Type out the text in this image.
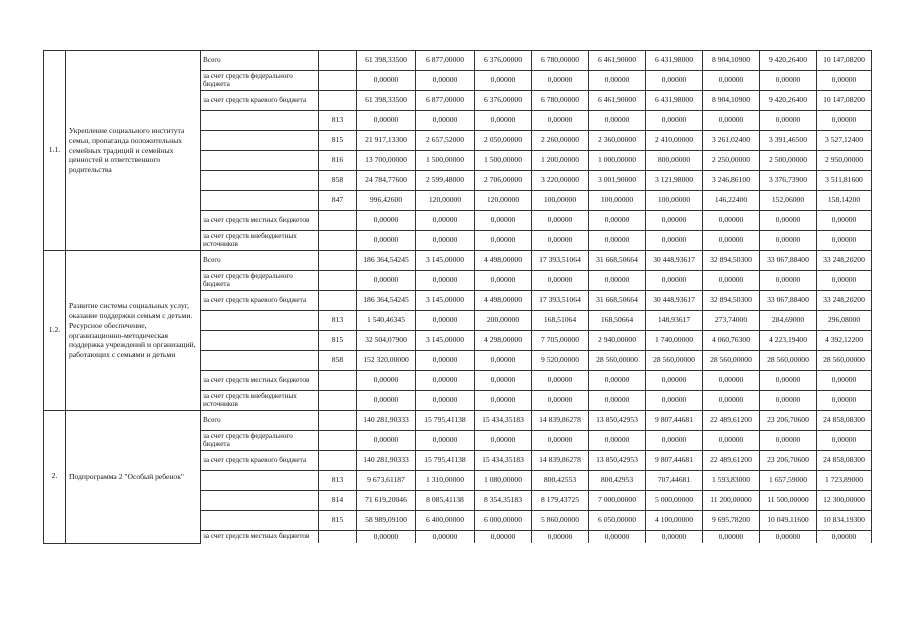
1.1.	Укрепление социального института семьи, пропаганда положительных семейных традиций и семейных ценностей и ответственного родительства	Всего		61 398,33500	6 877,00000	6 376,00000	6 780,00000	6 461,90000	6 431,98000	8 904,10900	9 420,26400	10 147,08200
		за счет средств федерального бюджета		0,00000	0,00000	0,00000	0,00000	0,00000	0,00000	0,00000	0,00000	0,00000
		за счет средств краевого бюджета		61 398,33500	6 877,00000	6 376,00000	6 780,00000	6 461,90000	6 431,98000	8 904,10900	9 420,26400	10 147,08200
			813	0,00000	0,00000	0,00000	0,00000	0,00000	0,00000	0,00000	0,00000	0,00000
			815	21 917,13300	2 657,52000	2 050,00000	2 260,00000	2 360,00000	2 410,00000	3 261,02400	3 391,46500	3 527,12400
			816	13 700,00000	1 500,00000	1 500,00000	1 200,00000	1 000,00000	800,00000	2 250,00000	2 500,00000	2 950,00000
			858	24 784,77600	2 599,48000	2 706,00000	3 220,00000	3 001,90000	3 121,98000	3 246,86100	3 376,73900	3 511,81600
			847	996,42600	120,00000	120,00000	100,00000	100,00000	100,00000	146,22400	152,06000	158,14200
		за счет средств местных бюджетов		0,00000	0,00000	0,00000	0,00000	0,00000	0,00000	0,00000	0,00000	0,00000
		за счет средств внебюджетных источников		0,00000	0,00000	0,00000	0,00000	0,00000	0,00000	0,00000	0,00000	0,00000
1.2.	Развитие системы социальных услуг, оказание поддержки семьям с детьми. Ресурсное обеспечение, организационно-методическая поддержка учреждений и организаций, работающих с семьями и детьми	Всего		186 364,54245	3 145,00000	4 498,00000	17 393,51064	31 668,50664	30 448,93617	32 894,50300	33 067,88400	33 248,20200
		за счет средств федерального бюджета		0,00000	0,00000	0,00000	0,00000	0,00000	0,00000	0,00000	0,00000	0,00000
		за счет средств краевого бюджета		186 364,54245	3 145,00000	4 498,00000	17 393,51064	31 668,50664	30 448,93617	32 894,50300	33 067,88400	33 248,20200
			813	1 540,46345	0,00000	200,00000	168,51064	168,50664	148,93617	273,74000	284,69000	296,08000
			815	32 504,07900	3 145,00000	4 298,00000	7 705,00000	2 940,00000	1 740,00000	4 060,76300	4 223,19400	4 392,12200
			858	152 320,00000	0,00000	0,00000	9 520,00000	28 560,00000	28 560,00000	28 560,00000	28 560,00000	28 560,00000
		за счет средств местных бюджетов		0,00000	0,00000	0,00000	0,00000	0,00000	0,00000	0,00000	0,00000	0,00000
		за счет средств внебюджетных источников		0,00000	0,00000	0,00000	0,00000	0,00000	0,00000	0,00000	0,00000	0,00000
2.	Подпрограмма 2 "Особый ребенок"	Всего		140 281,90333	15 795,41138	15 434,35183	14 839,86278	13 850,42953	9 807,44681	22 489,61200	23 206,70600	24 858,08300
		за счет средств федерального бюджета		0,00000	0,00000	0,00000	0,00000	0,00000	0,00000	0,00000	0,00000	0,00000
		за счет средств краевого бюджета		140 281,90333	15 795,41138	15 434,35183	14 839,86278	13 850,42953	9 807,44681	22 489,61200	23 206,70600	24 858,08300
			813	9 673,61187	1 310,00000	1 080,00000	800,42553	800,42953	707,44681	1 593,83000	1 657,59000	1 723,89000
			814	71 619,20046	8 085,41138	8 354,35183	8 179,43725	7 000,00000	5 000,00000	11 200,00000	11 500,00000	12 300,00000
			815	58 989,09100	6 400,00000	6 000,00000	5 860,00000	6 050,00000	4 100,00000	9 695,78200	10 049,11600	10 834,19300
		за счет средств местных бюджетов		0,00000	0,00000	0,00000	0,00000	0,00000	0,00000	0,00000	0,00000	0,00000
